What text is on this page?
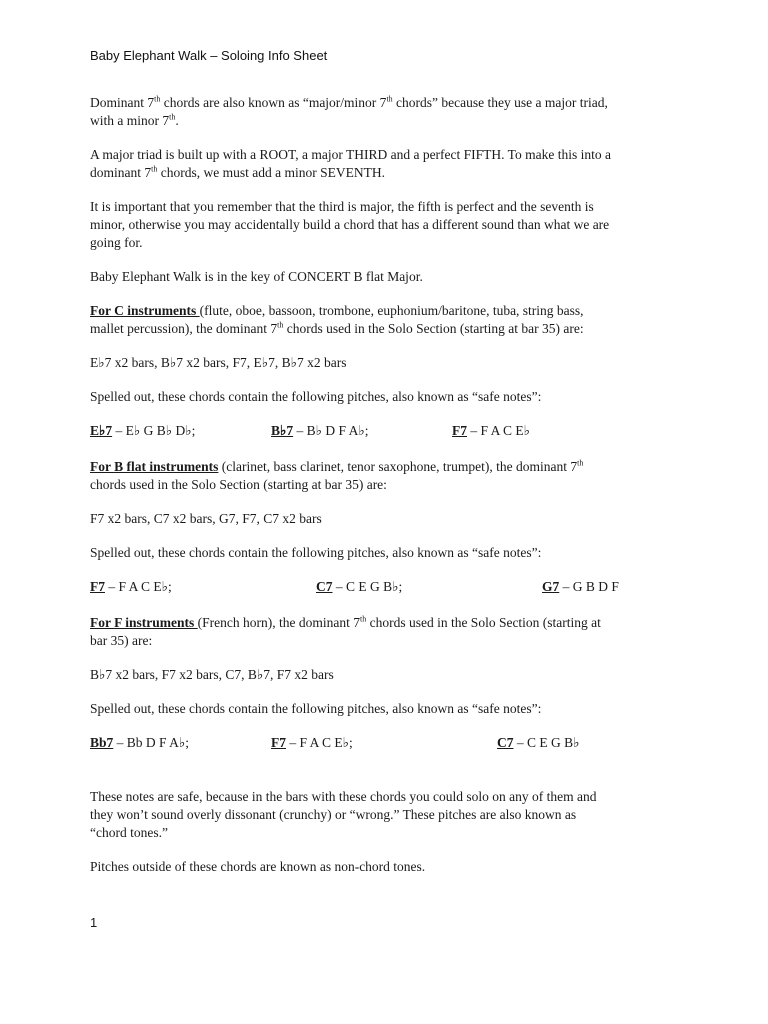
Baby Elephant Walk – Soloing Info Sheet
Dominant 7th chords are also known as “major/minor 7th chords” because they use a major triad,
with a minor 7th.
A major triad is built up with a ROOT, a major THIRD and a perfect FIFTH. To make this into a
dominant 7th chords, we must add a minor SEVENTH.
It is important that you remember that the third is major, the fifth is perfect and the seventh is
minor, otherwise you may accidentally build a chord that has a different sound than what we are
going for.
Baby Elephant Walk is in the key of CONCERT B flat Major.
For C instruments (flute, oboe, bassoon, trombone, euphonium/baritone, tuba, string bass,
mallet percussion), the dominant 7th chords used in the Solo Section (starting at bar 35) are:
E♭7 x2 bars, B♭7 x2 bars, F7, E♭7, B♭7 x2 bars
Spelled out, these chords contain the following pitches, also known as “safe notes”:
E♭7 – E♭ G B♭ D♭;	B♭7 – B♭ D F A♭;	F7 – F A C E♭
For B flat instruments (clarinet, bass clarinet, tenor saxophone, trumpet), the dominant 7th
chords used in the Solo Section (starting at bar 35) are:
F7 x2 bars, C7 x2 bars, G7, F7, C7 x2 bars
Spelled out, these chords contain the following pitches, also known as “safe notes”:
F7 – F A C E♭;	C7 – C E G B♭;	G7 – G B D F
For F instruments (French horn), the dominant 7th chords used in the Solo Section (starting at
bar 35) are:
B♭7 x2 bars, F7 x2 bars, C7, B♭7, F7 x2 bars
Spelled out, these chords contain the following pitches, also known as “safe notes”:
Bb7 – Bb D F A♭;	F7 – F A C E♭;	C7 – C E G B♭
These notes are safe, because in the bars with these chords you could solo on any of them and
they won’t sound overly dissonant (crunchy) or “wrong.” These pitches are also known as
“chord tones.”
Pitches outside of these chords are known as non-chord tones.
1
